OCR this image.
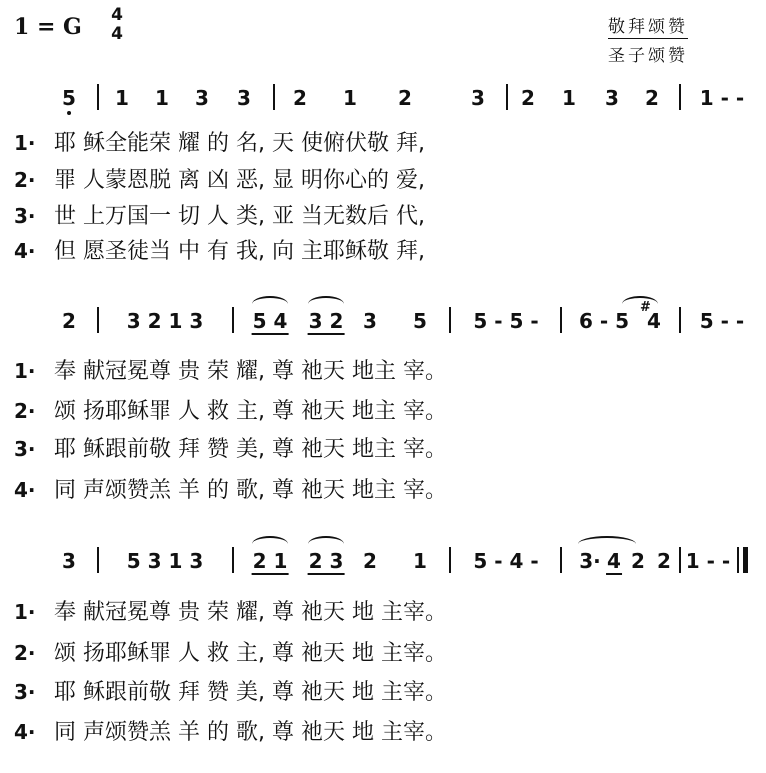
1 = G 4
4	敬拜颂赞
圣子颂赞
5 1 1 3 3 2 1 2	3 2 1 3 2 1 - -
1· 耶 稣全能荣 耀 的 名, 天 使俯伏敬 拜,
2· 罪 人蒙恩脱 离 凶 恶, 显 明你心的 爱,
3· 世 上万国一 切 人 类, 亚 当无数后 代,
4· 但 愿圣徒当 中 有 我, 向 主耶稣敬 拜,
2	3 2 1 3 5 4 3 2 3 5 5 - 5 - 6 - 5
#
4 5 - -
1· 奉 献冠冕尊 贵 荣 耀, 尊 祂天 地主 宰。
2· 颂 扬耶稣罪 人 救 主, 尊 祂天 地主 宰。
3· 耶 稣跟前敬 拜 赞 美, 尊 祂天 地主 宰。
4· 同 声颂赞羔 羊 的 歌, 尊 祂天 地主 宰。
3	5 3 1 3 2 1 2 3 2 1 5 - 4 - 3· 4 2 2 1 - -
1· 奉 献冠冕尊 贵 荣 耀, 尊 祂天 地 主宰。
2· 颂 扬耶稣罪 人 救 主, 尊 祂天 地 主宰。
3· 耶 稣跟前敬 拜 赞 美, 尊 祂天 地 主宰。
4· 同 声颂赞羔 羊 的 歌, 尊 祂天 地 主宰。
